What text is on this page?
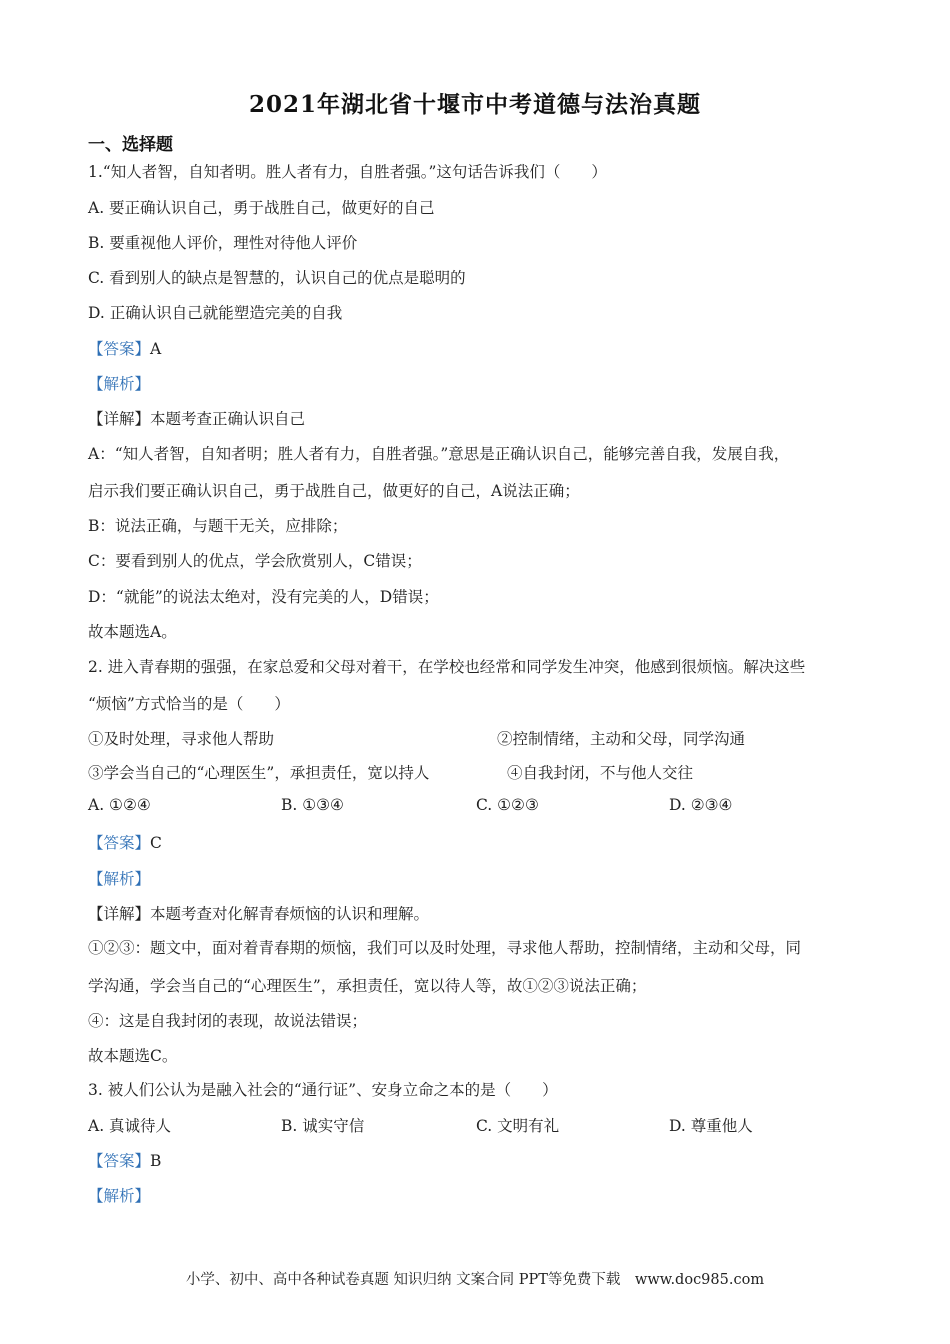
2021年湖北省十堰市中考道德与法治真题
一、选择题
1.“知人者智，自知者明。胜人者有力，自胜者强。”这句话告诉我们（　　）
A. 要正确认识自己，勇于战胜自己，做更好的自己
B. 要重视他人评价，理性对待他人评价
C. 看到别人的缺点是智慧的，认识自己的优点是聪明的
D. 正确认识自己就能塑造完美的自我
【答案】A
【解析】
【详解】本题考查正确认识自己
A：“知人者智，自知者明；胜人者有力，自胜者强。”意思是正确认识自己，能够完善自我，发展自我，
启示我们要正确认识自己，勇于战胜自己，做更好的自己，A说法正确；
B：说法正确，与题干无关，应排除；
C：要看到别人的优点，学会欣赏别人，C错误；
D：“就能”的说法太绝对，没有完美的人，D错误；
故本题选A。
2. 进入青春期的强强，在家总爱和父母对着干，在学校也经常和同学发生冲突，他感到很烦恼。解决这些
“烦恼”方式恰当的是（　　）
①及时处理，寻求他人帮助	②控制情绪，主动和父母，同学沟通
③学会当自己的“心理医生”，承担责任，宽以持人	④自我封闭，不与他人交往
A. ①②④	B. ①③④	C. ①②③	D. ②③④
【答案】C
【解析】
【详解】本题考查对化解青春烦恼的认识和理解。
①②③：题文中，面对着青春期的烦恼，我们可以及时处理，寻求他人帮助，控制情绪，主动和父母，同
学沟通，学会当自己的“心理医生”，承担责任，宽以待人等，故①②③说法正确；
④：这是自我封闭的表现，故说法错误；
故本题选C。
3. 被人们公认为是融入社会的“通行证”、安身立命之本的是（　　）
A. 真诚待人	B. 诚实守信	C. 文明有礼	D. 尊重他人
【答案】B
【解析】
小学、初中、高中各种试卷真题 知识归纳 文案合同 PPT等免费下载　www.doc985.com
